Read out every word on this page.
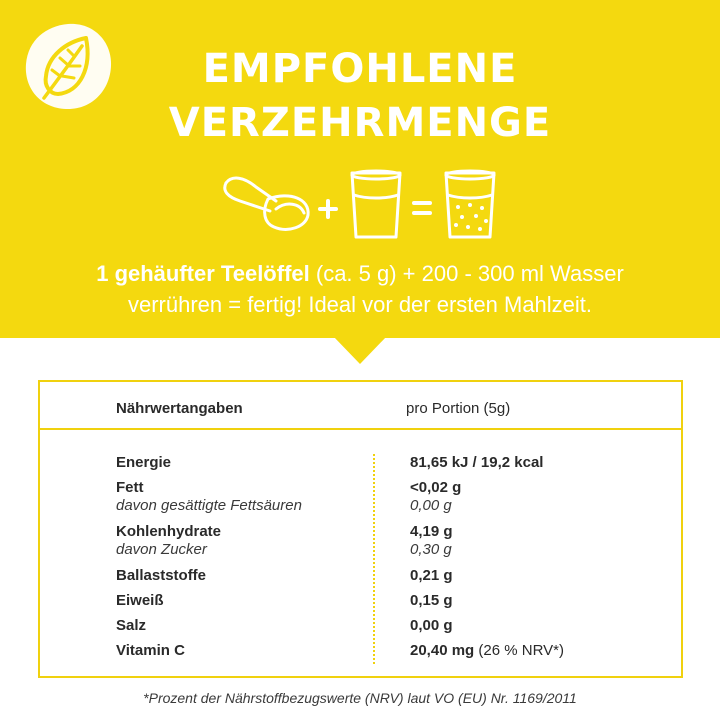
EMPFOHLENE
VERZEHRMENGE
1 gehäufter Teelöffel (ca. 5 g) + 200 - 300 ml Wasser
verrühren = fertig! Ideal vor der ersten Mahlzeit.
Nährwertangaben	pro Portion (5g)
Energie	81,65 kJ / 19,2 kcal
Fett	<0,02 g
davon gesättigte Fettsäuren	0,00 g
Kohlenhydrate	4,19 g
davon Zucker	0,30 g
Ballaststoffe	0,21 g
Eiweiß	0,15 g
Salz	0,00 g
Vitamin C	20,40 mg (26 % NRV*)
*Prozent der Nährstoffbezugswerte (NRV) laut VO (EU) Nr. 1169/2011
